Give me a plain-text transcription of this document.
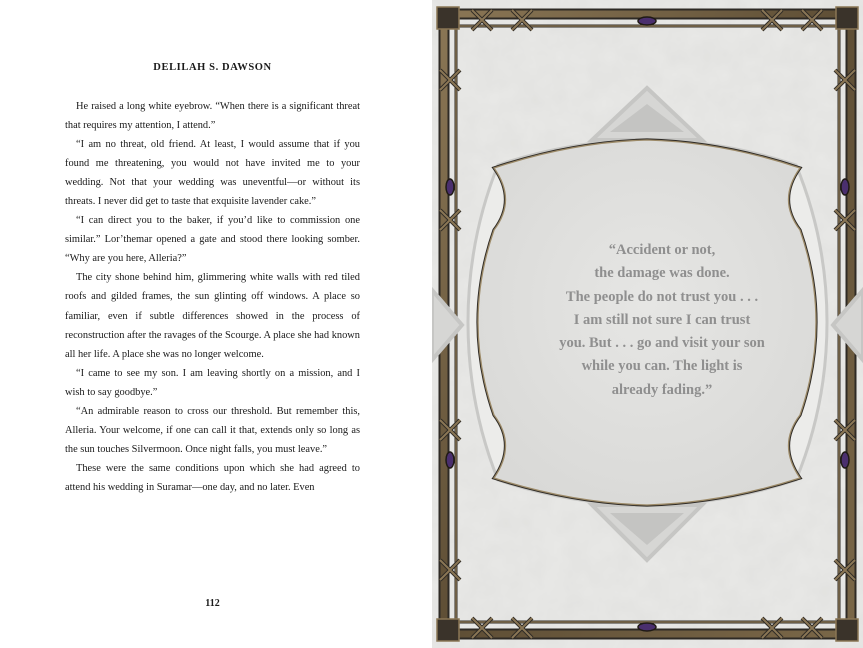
DELILAH S. DAWSON

He raised a long white eyebrow. “When there is a significant threat that requires my attention, I attend.”

“I am no threat, old friend. At least, I would assume that if you found me threatening, you would not have invited me to your wedding. Not that your wedding was uneventful—or without its threats. I never did get to taste that exquisite lavender cake.”

“I can direct you to the baker, if you’d like to commission one similar.” Lor’themar opened a gate and stood there looking somber. “Why are you here, Alleria?”

The city shone behind him, glimmering white walls with red tiled roofs and gilded frames, the sun glinting off windows. A place so familiar, even if subtle differences showed in the process of reconstruction after the ravages of the Scourge. A place she had known all her life. A place she was no longer welcome.

“I came to see my son. I am leaving shortly on a mission, and I wish to say goodbye.”

“An admirable reason to cross our threshold. But remember this, Alleria. Your welcome, if one can call it that, extends only so long as the sun touches Silvermoon. Once night falls, you must leave.”

These were the same conditions upon which she had agreed to attend his wedding in Suramar—one day, and no later. Even

112
“Accident or not,
the damage was done.
The people do not trust you . . .
I am still not sure I can trust
you. But . . . go and visit your son
while you can. The light is
already fading.”
